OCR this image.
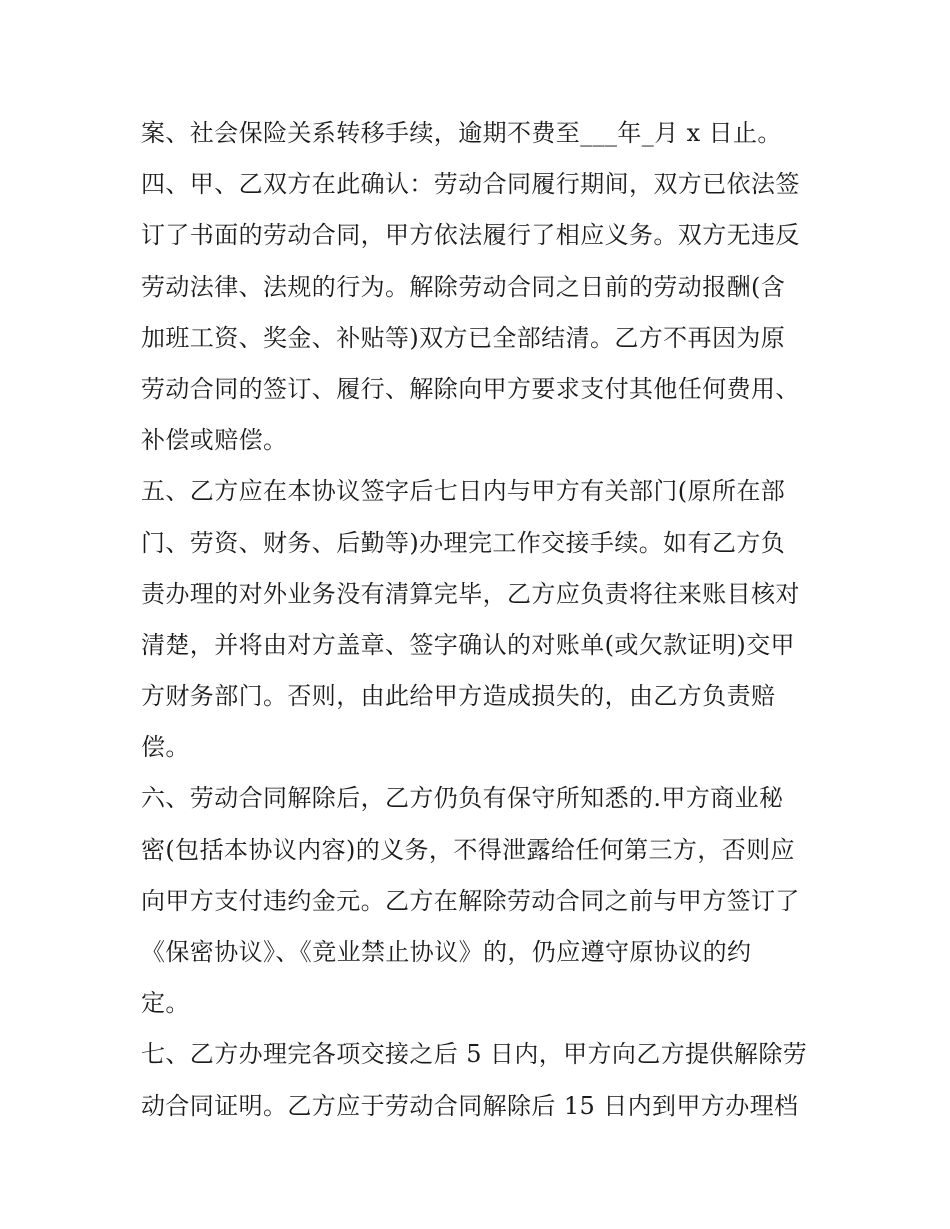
案、社会保险关系转移手续，逾期不费至___年_月 x 日止。
四、甲、乙双方在此确认：劳动合同履行期间，双方已依法签
订了书面的劳动合同，甲方依法履行了相应义务。双方无违反
劳动法律、法规的行为。解除劳动合同之日前的劳动报酬(含
加班工资、奖金、补贴等)双方已全部结清。乙方不再因为原
劳动合同的签订、履行、解除向甲方要求支付其他任何费用、
补偿或赔偿。
五、乙方应在本协议签字后七日内与甲方有关部门(原所在部
门、劳资、财务、后勤等)办理完工作交接手续。如有乙方负
责办理的对外业务没有清算完毕，乙方应负责将往来账目核对
清楚，并将由对方盖章、签字确认的对账单(或欠款证明)交甲
方财务部门。否则，由此给甲方造成损失的，由乙方负责赔
偿。
六、劳动合同解除后，乙方仍负有保守所知悉的.甲方商业秘
密(包括本协议内容)的义务，不得泄露给任何第三方，否则应
向甲方支付违约金元。乙方在解除劳动合同之前与甲方签订了
《保密协议》、《竞业禁止协议》的，仍应遵守原协议的约
定。
七、乙方办理完各项交接之后 5 日内，甲方向乙方提供解除劳
动合同证明。乙方应于劳动合同解除后 15 日内到甲方办理档
